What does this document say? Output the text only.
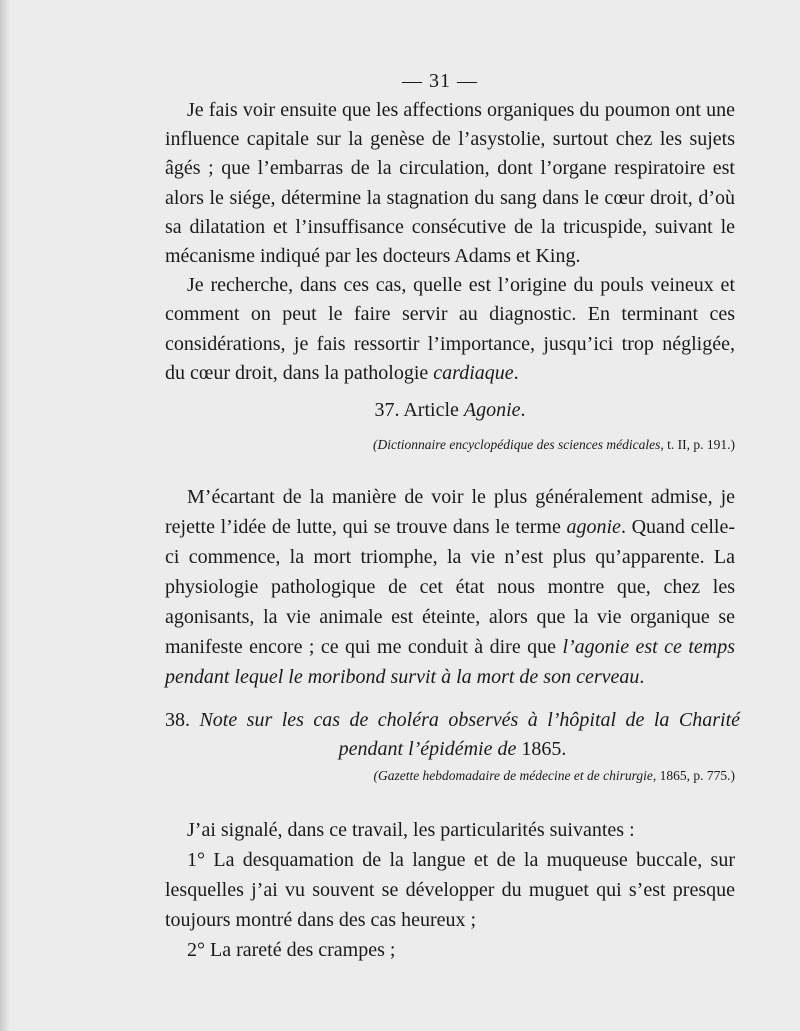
— 31 —

Je fais voir ensuite que les affections organiques du poumon ont une influence capitale sur la genèse de l’asystolie, surtout chez les sujets âgés ; que l’embarras de la circulation, dont l’organe respiratoire est alors le siége, détermine la stagnation du sang dans le cœur droit, d’où sa dilatation et l’insuffisance consécutive de la tricuspide, suivant le mécanisme indiqué par les docteurs Adams et King.

Je recherche, dans ces cas, quelle est l’origine du pouls veineux et comment on peut le faire servir au diagnostic. En terminant ces considérations, je fais ressortir l’importance, jusqu’ici trop négligée, du cœur droit, dans la pathologie cardiaque.

37. Article Agonie.
(Dictionnaire encyclopédique des sciences médicales, t. II, p. 191.)

M’écartant de la manière de voir le plus généralement admise, je rejette l’idée de lutte, qui se trouve dans le terme agonie. Quand celle-ci commence, la mort triomphe, la vie n’est plus qu’apparente. La physiologie pathologique de cet état nous montre que, chez les agonisants, la vie animale est éteinte, alors que la vie organique se manifeste encore ; ce qui me conduit à dire que l’agonie est ce temps pendant lequel le moribond survit à la mort de son cerveau.

38. Note sur les cas de choléra observés à l’hôpital de la Charité
pendant l’épidémie de 1865.
(Gazette hebdomadaire de médecine et de chirurgie, 1865, p. 775.)

J’ai signalé, dans ce travail, les particularités suivantes :

1° La desquamation de la langue et de la muqueuse buccale, sur lesquelles j’ai vu souvent se développer du muguet qui s’est presque toujours montré dans des cas heureux ;

2° La rareté des crampes ;
